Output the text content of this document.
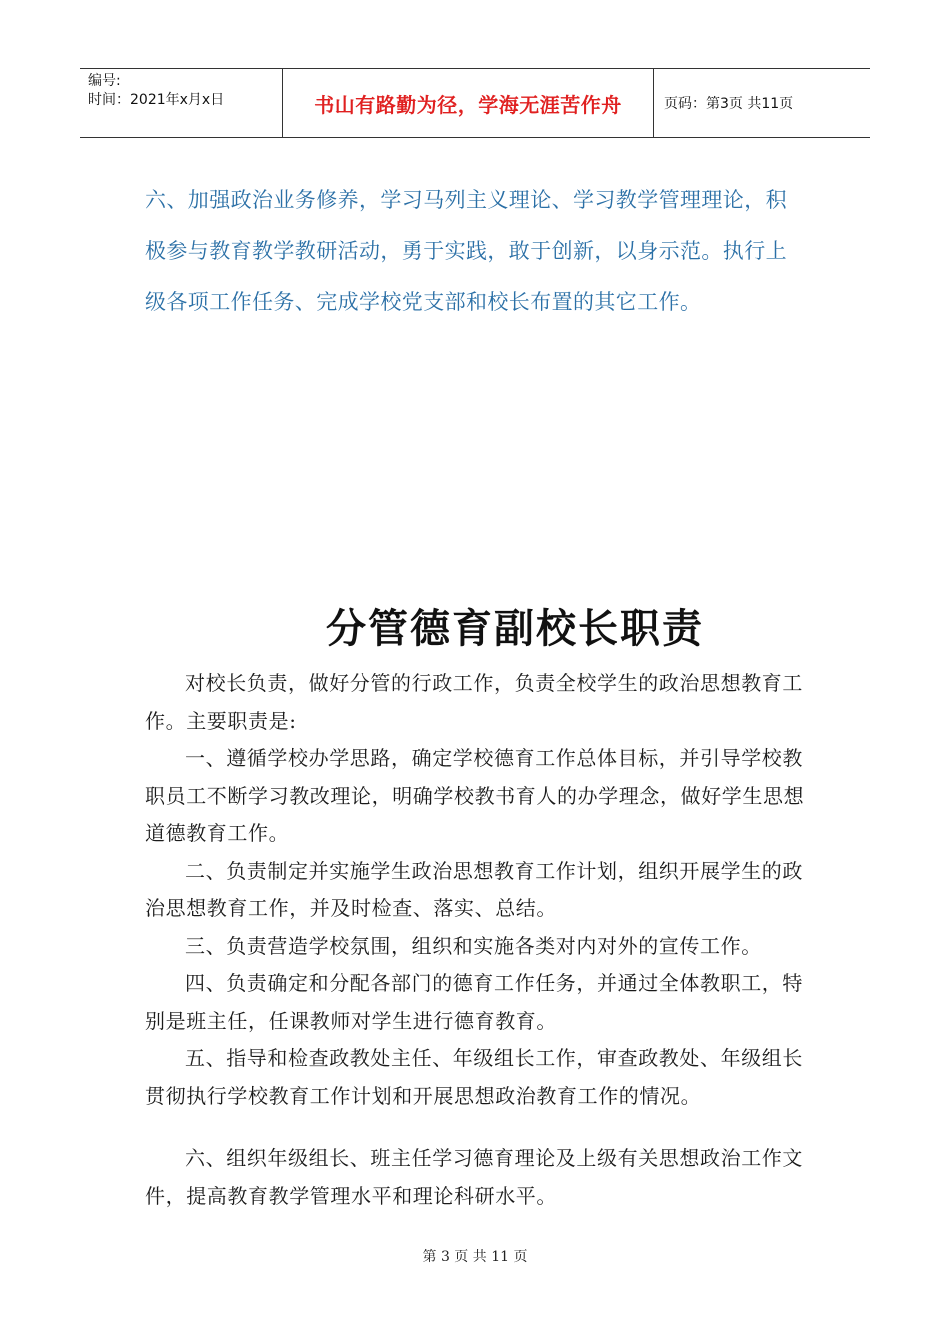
编号:
时间：2021年x月x日	书山有路勤为径，学海无涯苦作舟	页码：第3页 共11页
六、加强政治业务修养，学习马列主义理论、学习教学管理理论，积极参与教育教学教研活动，勇于实践，敢于创新，以身示范。执行上级各项工作任务、完成学校党支部和校长布置的其它工作。
分管德育副校长职责

对校长负责，做好分管的行政工作，负责全校学生的政治思想教育工作。主要职责是:

一、遵循学校办学思路，确定学校德育工作总体目标，并引导学校教职员工不断学习教改理论，明确学校教书育人的办学理念，做好学生思想道德教育工作。

二、负责制定并实施学生政治思想教育工作计划，组织开展学生的政治思想教育工作，并及时检查、落实、总结。

三、负责营造学校氛围，组织和实施各类对内对外的宣传工作。

四、负责确定和分配各部门的德育工作任务，并通过全体教职工，特别是班主任，任课教师对学生进行德育教育。

五、指导和检查政教处主任、年级组长工作，审查政教处、年级组长贯彻执行学校教育工作计划和开展思想政治教育工作的情况。

六、组织年级组长、班主任学习德育理论及上级有关思想政治工作文件，提高教育教学管理水平和理论科研水平。

第 3 页 共 11 页
